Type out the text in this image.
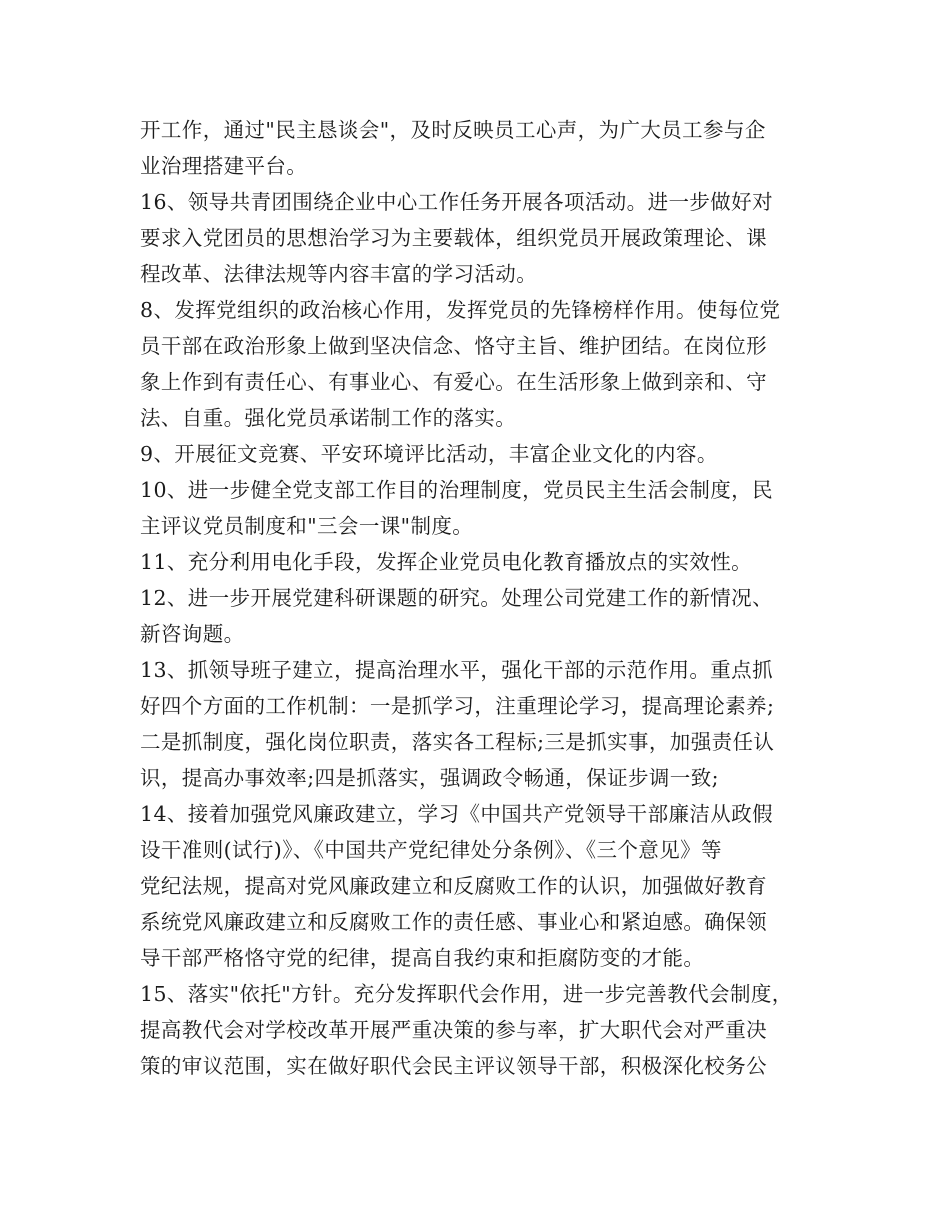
开工作，通过"民主恳谈会"，及时反映员工心声，为广大员工参与企
业治理搭建平台。
16、领导共青团围绕企业中心工作任务开展各项活动。进一步做好对
要求入党团员的思想治学习为主要载体，组织党员开展政策理论、课
程改革、法律法规等内容丰富的学习活动。
8、发挥党组织的政治核心作用，发挥党员的先锋榜样作用。使每位党
员干部在政治形象上做到坚决信念、恪守主旨、维护团结。在岗位形
象上作到有责任心、有事业心、有爱心。在生活形象上做到亲和、守
法、自重。强化党员承诺制工作的落实。
9、开展征文竞赛、平安环境评比活动，丰富企业文化的内容。
10、进一步健全党支部工作目的治理制度，党员民主生活会制度，民
主评议党员制度和"三会一课"制度。
11、充分利用电化手段，发挥企业党员电化教育播放点的实效性。
12、进一步开展党建科研课题的研究。处理公司党建工作的新情况、
新咨询题。
13、抓领导班子建立，提高治理水平，强化干部的示范作用。重点抓
好四个方面的工作机制：一是抓学习，注重理论学习，提高理论素养;
二是抓制度，强化岗位职责，落实各工程标;三是抓实事，加强责任认
识，提高办事效率;四是抓落实，强调政令畅通，保证步调一致;
14、接着加强党风廉政建立，学习《中国共产党领导干部廉洁从政假
设干准则(试行)》、《中国共产党纪律处分条例》、《三个意见》等
党纪法规，提高对党风廉政建立和反腐败工作的认识，加强做好教育
系统党风廉政建立和反腐败工作的责任感、事业心和紧迫感。确保领
导干部严格恪守党的纪律，提高自我约束和拒腐防变的才能。
15、落实"依托"方针。充分发挥职代会作用，进一步完善教代会制度，
提高教代会对学校改革开展严重决策的参与率，扩大职代会对严重决
策的审议范围，实在做好职代会民主评议领导干部，积极深化校务公
